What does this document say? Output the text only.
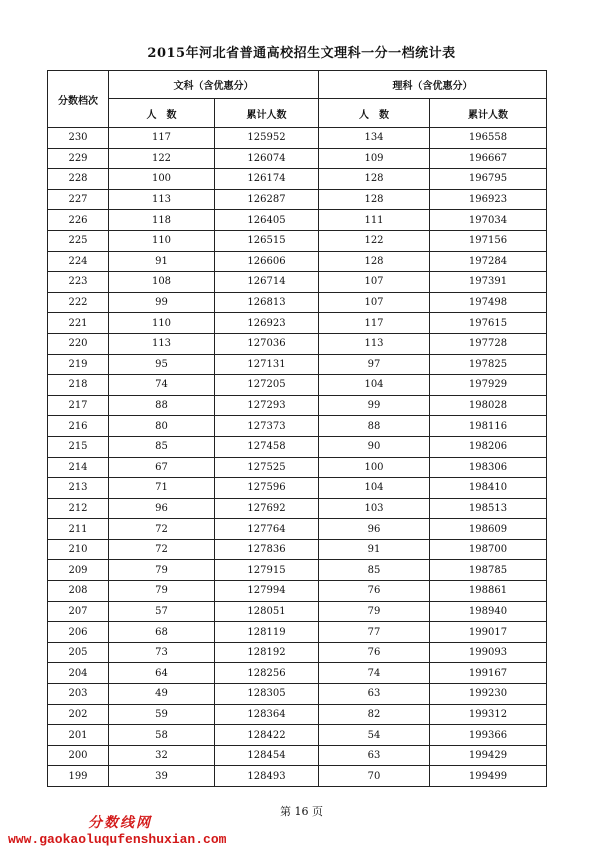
2015年河北省普通高校招生文理科一分一档统计表
分数档次	文科（含优惠分）		理科（含优惠分）	
	人　数	累计人数	人　数	累计人数
230	117	125952	134	196558
229	122	126074	109	196667
228	100	126174	128	196795
227	113	126287	128	196923
226	118	126405	111	197034
225	110	126515	122	197156
224	91	126606	128	197284
223	108	126714	107	197391
222	99	126813	107	197498
221	110	126923	117	197615
220	113	127036	113	197728
219	95	127131	97	197825
218	74	127205	104	197929
217	88	127293	99	198028
216	80	127373	88	198116
215	85	127458	90	198206
214	67	127525	100	198306
213	71	127596	104	198410
212	96	127692	103	198513
211	72	127764	96	198609
210	72	127836	91	198700
209	79	127915	85	198785
208	79	127994	76	198861
207	57	128051	79	198940
206	68	128119	77	199017
205	73	128192	76	199093
204	64	128256	74	199167
203	49	128305	63	199230
202	59	128364	82	199312
201	58	128422	54	199366
200	32	128454	63	199429
199	39	128493	70	199499
第 16 页
分数线网
www.gaokaoluqufenshuxian.com
